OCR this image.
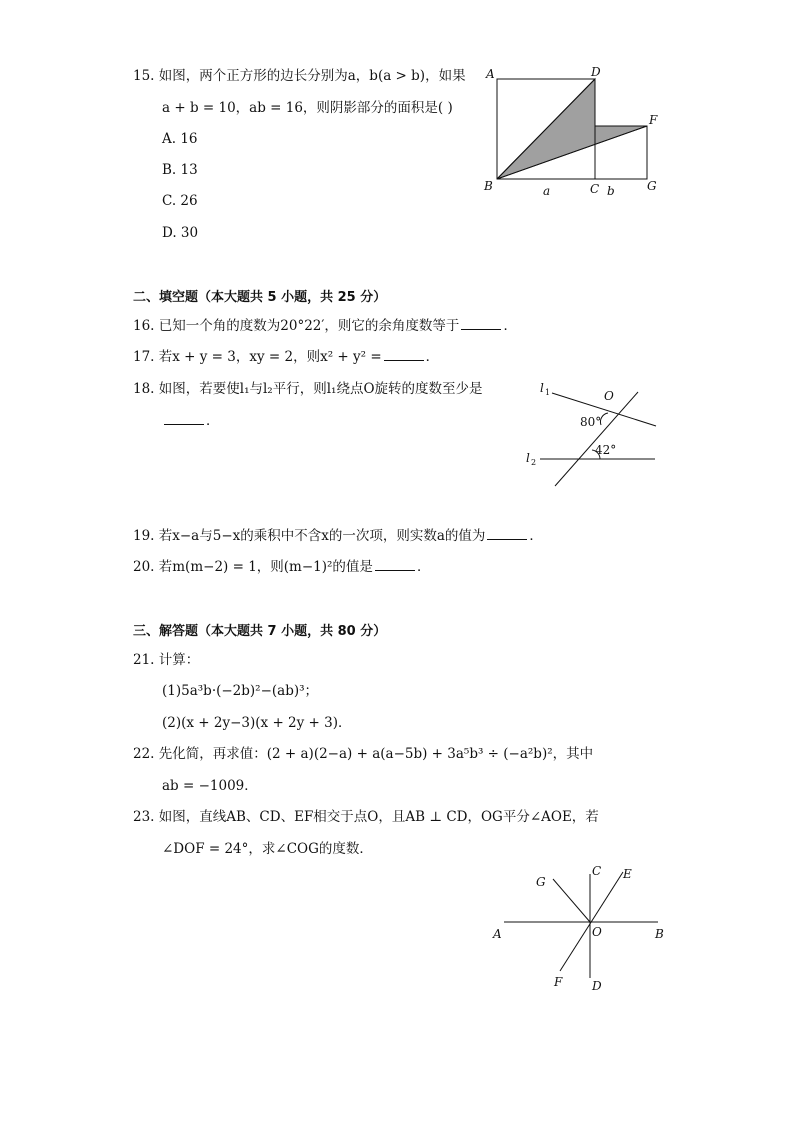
15. 如图，两个正方形的边长分别为a，b(a > b)，如果
a + b = 10，ab = 16，则阴影部分的面积是( )
A. 16
B. 13
C. 26
D. 30
A	D
F
B	C	G
a	b
二、填空题（本大题共 5 小题，共 25 分）
16. 已知一个角的度数为20°22′，则它的余角度数等于	．
17. 若x + y = 3，xy = 2，则x² + y² =	．
18. 如图，若要使l₁与l₂平行，则l₁绕点O旋转的度数至少是
．
l 1
l 2
O
80°
42°
19. 若x−a与5−x的乘积中不含x的一次项，则实数a的值为	．
20. 若m(m−2) = 1，则(m−1)²的值是	．
三、解答题（本大题共 7 小题，共 80 分）
21. 计算：
(1)5a³b·(−2b)²−(ab)³；
(2)(x + 2y−3)(x + 2y + 3)．
22. 先化简，再求值：(2 + a)(2−a) + a(a−5b) + 3a⁵b³ ÷ (−a²b)²，其中
ab = −1009．
23. 如图，直线AB、CD、EF相交于点O，且AB ⊥ CD，OG平分∠AOE，若
∠DOF = 24°，求∠COG的度数．
G
C E
A	O	B
F D
